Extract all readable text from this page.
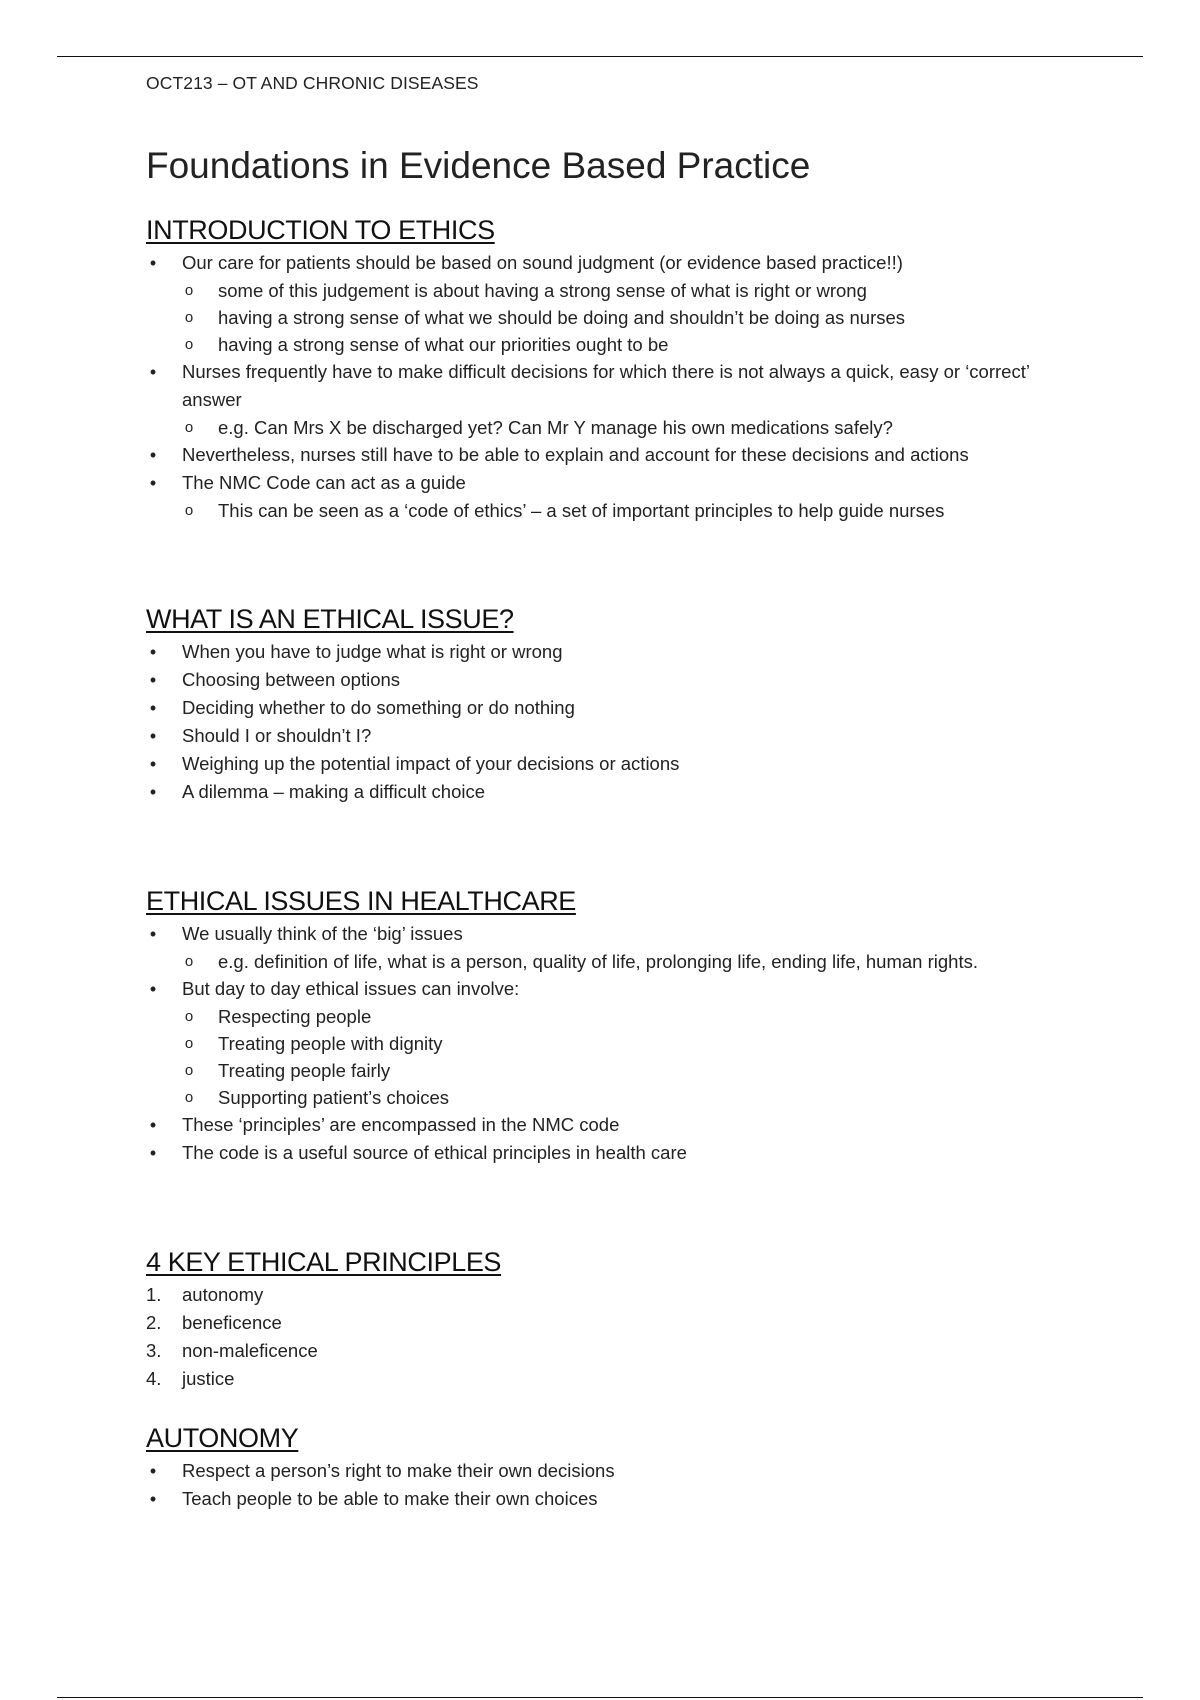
OCT213 – OT AND CHRONIC DISEASES

Foundations in Evidence Based Practice
INTRODUCTION TO ETHICS
• Our care for patients should be based on sound judgment (or evidence based practice!!)
o some of this judgement is about having a strong sense of what is right or wrong
o having a strong sense of what we should be doing and shouldn’t be doing as nurses
o having a strong sense of what our priorities ought to be
• Nurses frequently have to make difficult decisions for which there is not always a quick, easy or ‘correct’ answer
o e.g. Can Mrs X be discharged yet? Can Mr Y manage his own medications safely?
• Nevertheless, nurses still have to be able to explain and account for these decisions and actions
• The NMC Code can act as a guide
o This can be seen as a ‘code of ethics’ – a set of important principles to help guide nurses
WHAT IS AN ETHICAL ISSUE?
• When you have to judge what is right or wrong
• Choosing between options
• Deciding whether to do something or do nothing
• Should I or shouldn’t I?
• Weighing up the potential impact of your decisions or actions
• A dilemma – making a difficult choice
ETHICAL ISSUES IN HEALTHCARE
• We usually think of the ‘big’ issues
o e.g. definition of life, what is a person, quality of life, prolonging life, ending life, human rights.
• But day to day ethical issues can involve:
o Respecting people
o Treating people with dignity
o Treating people fairly
o Supporting patient’s choices
• These ‘principles’ are encompassed in the NMC code
• The code is a useful source of ethical principles in health care
4 KEY ETHICAL PRINCIPLES
1. autonomy
2. beneficence
3. non-maleficence
4. justice
AUTONOMY
• Respect a person’s right to make their own decisions
• Teach people to be able to make their own choices
